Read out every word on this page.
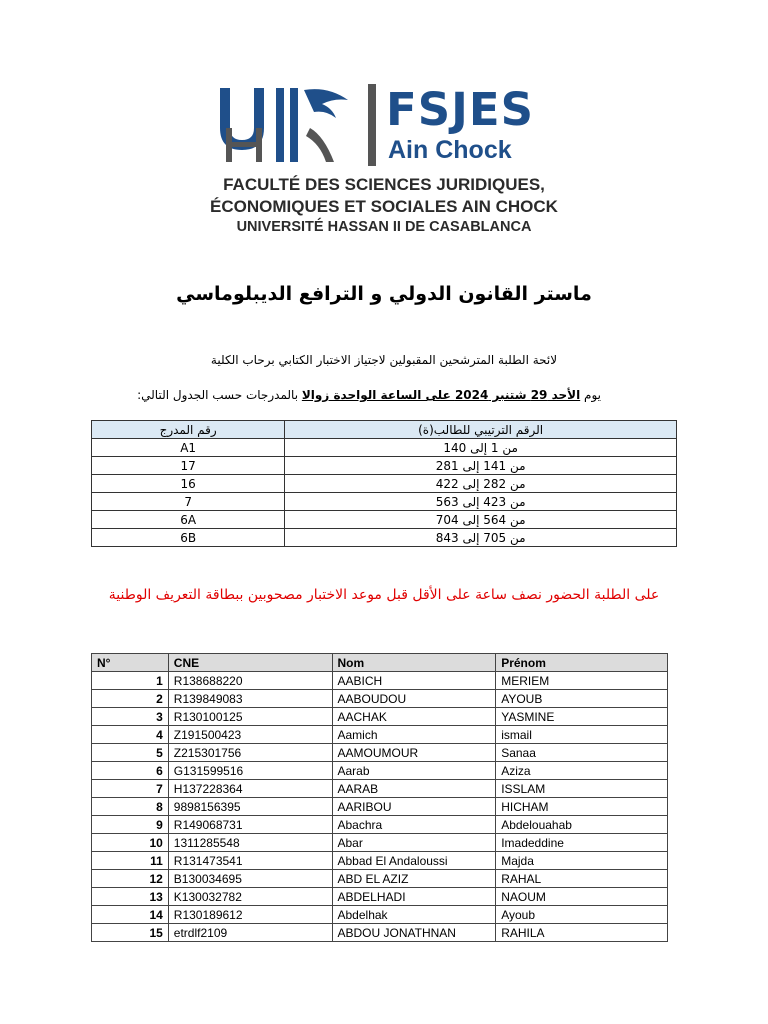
FSJES
Ain Chock
FACULTÉ DES SCIENCES JURIDIQUES,
ÉCONOMIQUES ET SOCIALES AIN CHOCK
UNIVERSITÉ HASSAN II DE CASABLANCA
ماستر القانون الدولي و الترافع الديبلوماسي
لائحة الطلبة المترشحين المقبولين لاجتياز الاختبار الكتابي برحاب الكلية
يوم الأحد 29 شتنبر 2024 على الساعة الواحدة زوالا بالمدرجات حسب الجدول التالي:
الرقم الترتيبي للطالب(ة)	رقم المدرج
من 1 إلى 140	A1
من 141 إلى 281	17
من 282 إلى 422	16
من 423 إلى 563	7
من 564 إلى 704	6A
من 705 إلى 843	6B
على الطلبة الحضور نصف ساعة على الأقل قبل موعد الاختبار مصحوبين ببطاقة التعريف الوطنية
N°	CNE	Nom	Prénom
1	R138688220	AABICH	MERIEM
2	R139849083	AABOUDOU	AYOUB
3	R130100125	AACHAK	YASMINE
4	Z191500423	Aamich	ismail
5	Z215301756	AAMOUMOUR	Sanaa
6	G131599516	Aarab	Aziza
7	H137228364	AARAB	ISSLAM
8	9898156395	AARIBOU	HICHAM
9	R149068731	Abachra	Abdelouahab
10	1311285548	Abar	Imadeddine
11	R131473541	Abbad El Andaloussi	Majda
12	B130034695	ABD EL AZIZ	RAHAL
13	K130032782	ABDELHADI	NAOUM
14	R130189612	Abdelhak	Ayoub
15	etrdlf2109	ABDOU JONATHNAN	RAHILA
